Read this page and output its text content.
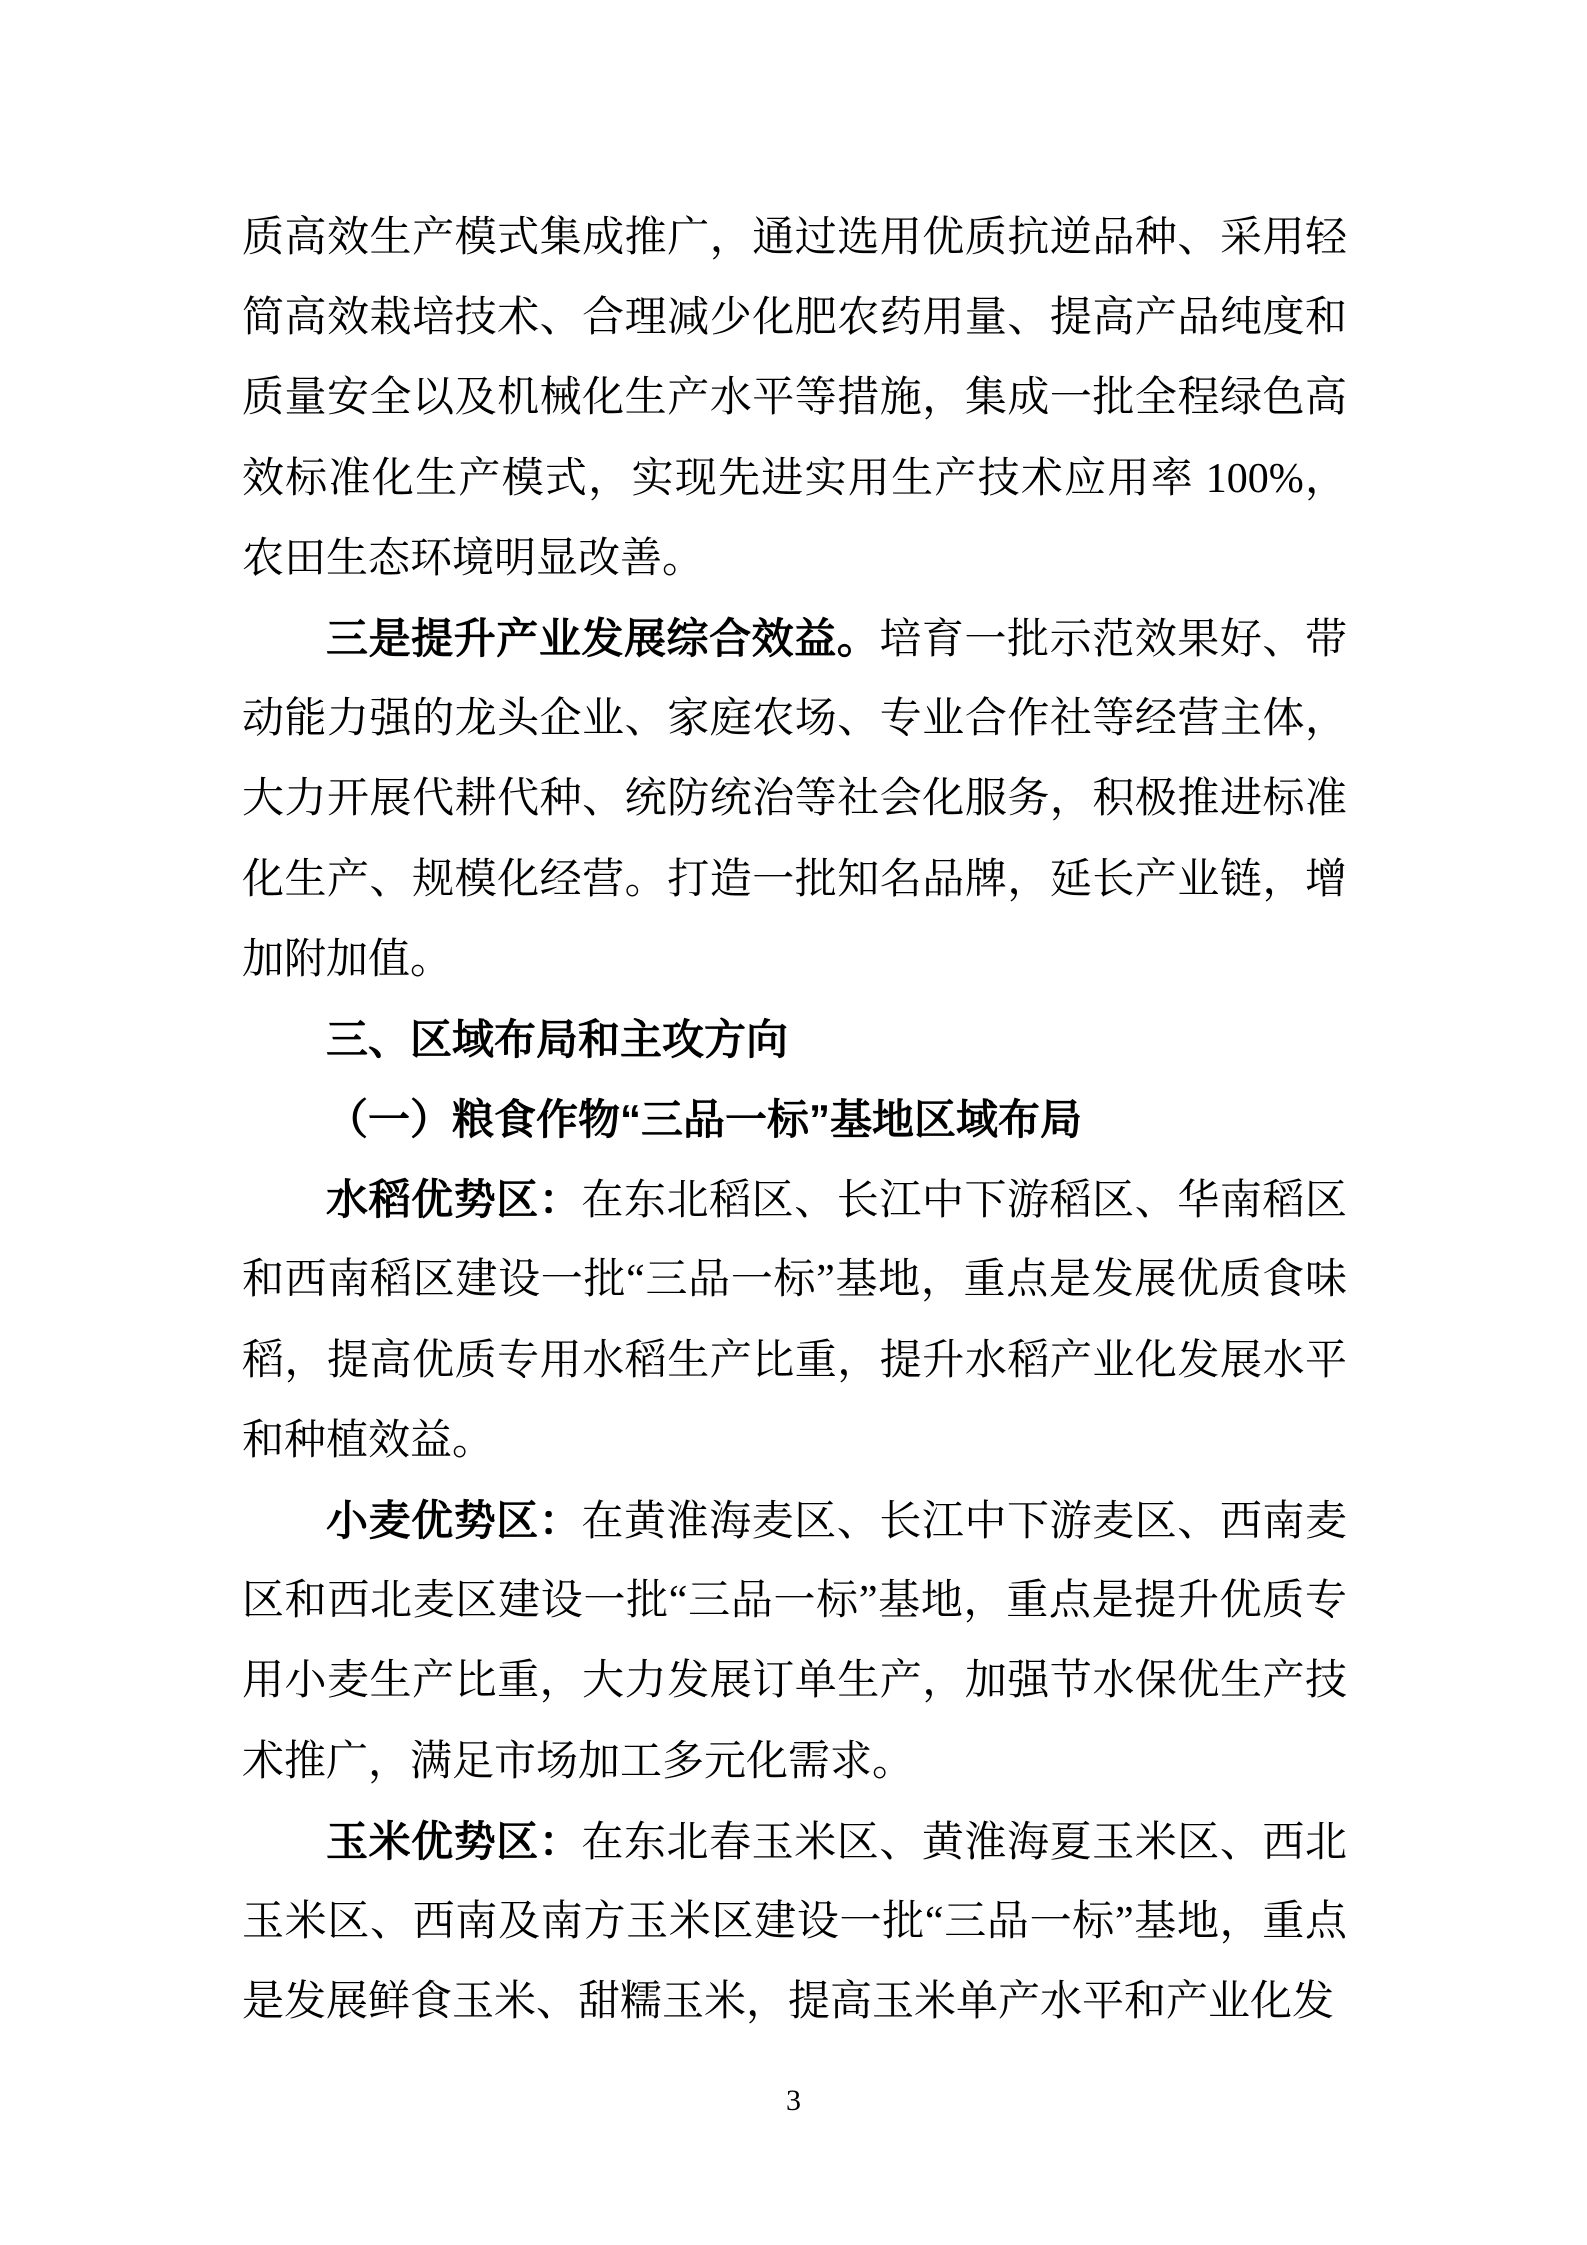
质高效生产模式集成推广，通过选用优质抗逆品种、采用轻

简高效栽培技术、合理减少化肥农药用量、提高产品纯度和

质量安全以及机械化生产水平等措施，集成一批全程绿色高

效标准化生产模式，实现先进实用生产技术应用率 100%，

农田生态环境明显改善。

三是提升产业发展综合效益。培育一批示范效果好、带

动能力强的龙头企业、家庭农场、专业合作社等经营主体，

大力开展代耕代种、统防统治等社会化服务，积极推进标准

化生产、规模化经营。打造一批知名品牌，延长产业链，增

加附加值。

三、区域布局和主攻方向

（一）粮食作物“三品一标”基地区域布局

水稻优势区：在东北稻区、长江中下游稻区、华南稻区

和西南稻区建设一批“三品一标”基地，重点是发展优质食味

稻，提高优质专用水稻生产比重，提升水稻产业化发展水平

和种植效益。

小麦优势区：在黄淮海麦区、长江中下游麦区、西南麦

区和西北麦区建设一批“三品一标”基地，重点是提升优质专

用小麦生产比重，大力发展订单生产，加强节水保优生产技

术推广，满足市场加工多元化需求。

玉米优势区：在东北春玉米区、黄淮海夏玉米区、西北

玉米区、西南及南方玉米区建设一批“三品一标”基地，重点

是发展鲜食玉米、甜糯玉米，提高玉米单产水平和产业化发

3
